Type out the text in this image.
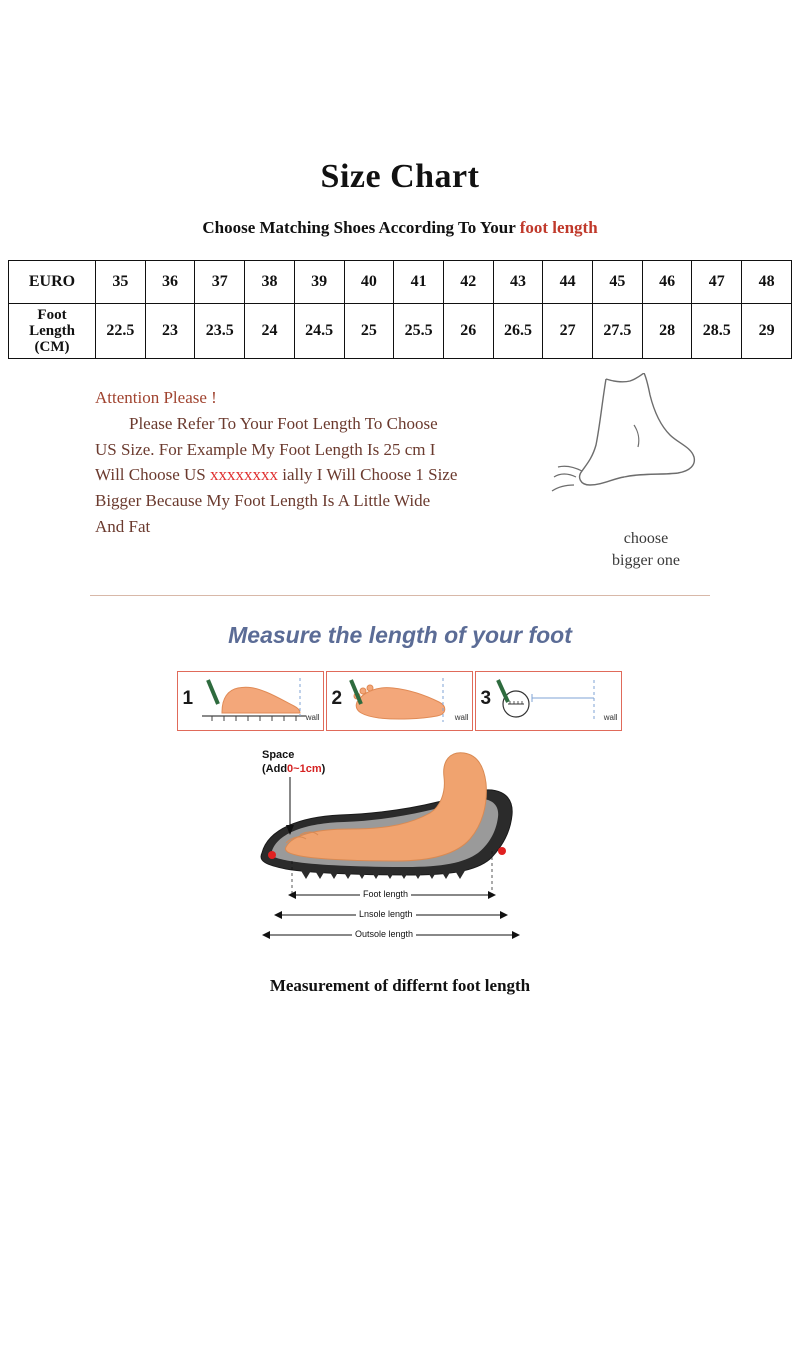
Size Chart
Choose Matching Shoes According To Your foot length
EURO	35	36	37	38	39	40	41	42	43	44	45	46	47	48

Foot
Length
(CM)	22.5	23	23.5	24	24.5	25	25.5	26	26.5	27	27.5	28	28.5	29

Attention Please !

Please Refer To Your Foot Length To Choose

US Size. For Example My Foot Length Is 25 cm I

Will Choose US xxxxxxxx ially I Will Choose 1 Size

Bigger Because My Foot Length Is A Little Wide

And Fat

choose
bigger one
Measure the length of your foot
1
wall
2
wall
3
wall
Space
(Add0~1cm)
Foot length
Lnsole length
Outsole length
Measurement of differnt foot length
